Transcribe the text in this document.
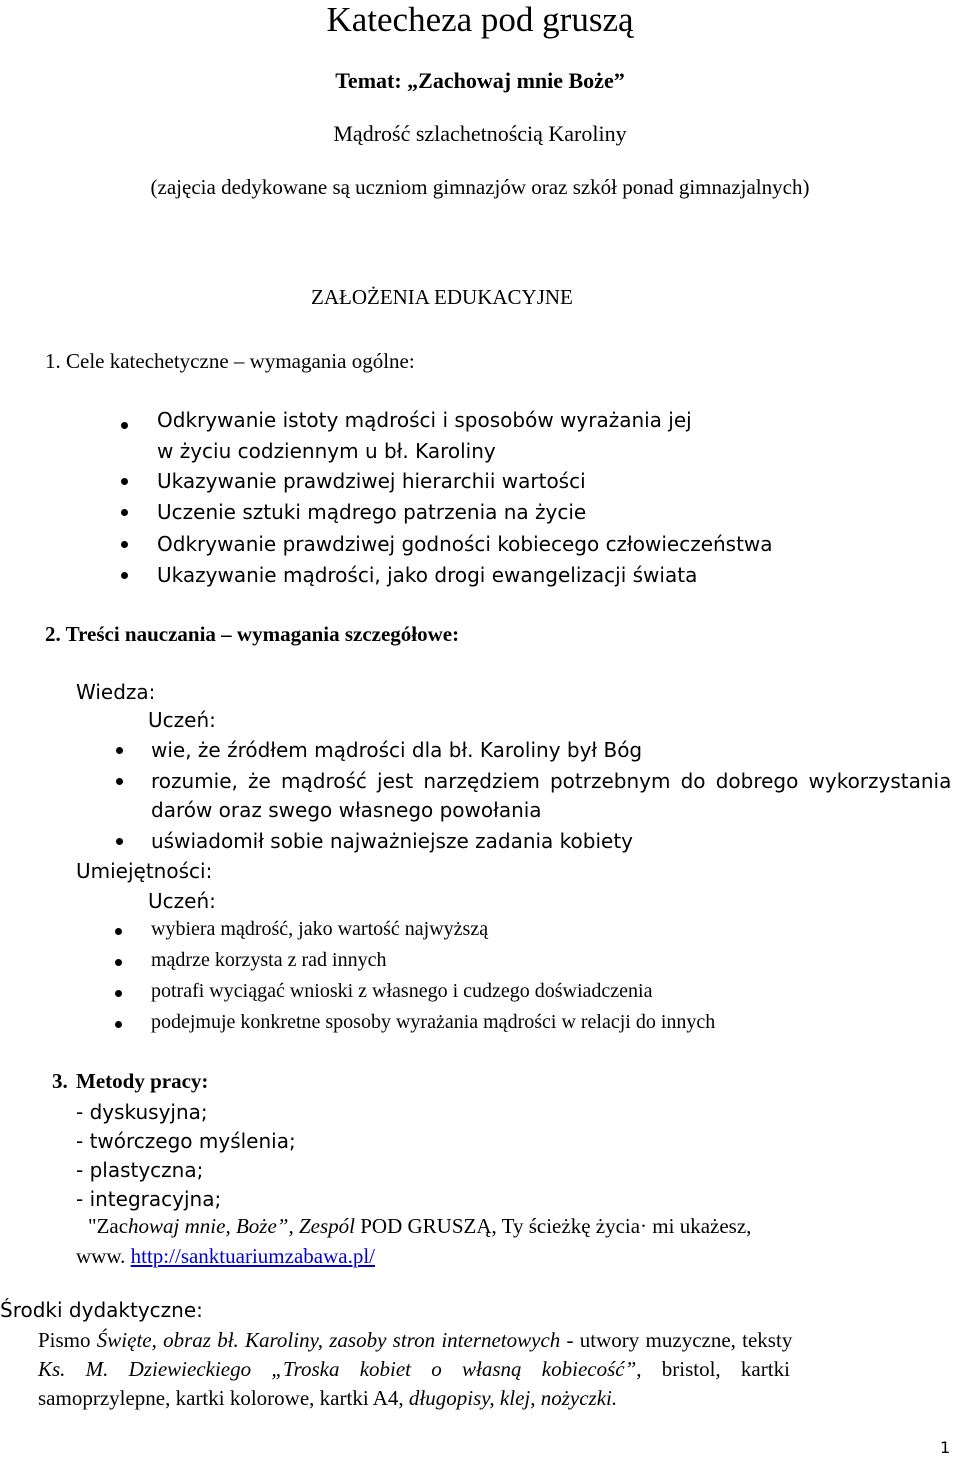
Katecheza pod gruszą
Temat: „Zachowaj mnie Boże”
Mądrość szlachetnością Karoliny
(zajęcia dedykowane są uczniom gimnazjów oraz szkół ponad gimnazjalnych)
ZAŁOŻENIA EDUKACYJNE
1. Cele katechetyczne – wymagania ogólne:
Odkrywanie istoty mądrości i sposobów wyrażania jej
w życiu codziennym u bł. Karoliny
Ukazywanie prawdziwej hierarchii wartości
Uczenie sztuki mądrego patrzenia na życie
Odkrywanie prawdziwej godności kobiecego człowieczeństwa
Ukazywanie mądrości, jako drogi ewangelizacji świata
2. Treści nauczania – wymagania szczegółowe:
Wiedza:
Uczeń:
wie, że źródłem mądrości dla bł. Karoliny był Bóg
rozumie, że mądrość jest narzędziem potrzebnym do dobrego wykorzystania
darów oraz swego własnego powołania
uświadomił sobie najważniejsze zadania kobiety
Umiejętności:
Uczeń:
wybiera mądrość, jako wartość najwyższą
mądrze korzysta z rad innych
potrafi wyciągać wnioski z własnego i cudzego doświadczenia
podejmuje konkretne sposoby wyrażania mądrości w relacji do innych
3. Metody pracy:
- dyskusyjna;
- twórczego myślenia;
- plastyczna;
- integracyjna;
"Zachowaj mnie, Boże”, Zespól POD GRUSZĄ, Ty ścieżkę życia· mi ukażesz,
www. http://sanktuariumzabawa.pl/
Środki dydaktyczne:
Pismo Święte, obraz bł. Karoliny, zasoby stron internetowych - utwory muzyczne, teksty
Ks. M. Dziewieckiego „Troska kobiet o własną kobiecość”, bristol, kartki
samoprzylepne, kartki kolorowe, kartki A4, długopisy, klej, nożyczki.
1
